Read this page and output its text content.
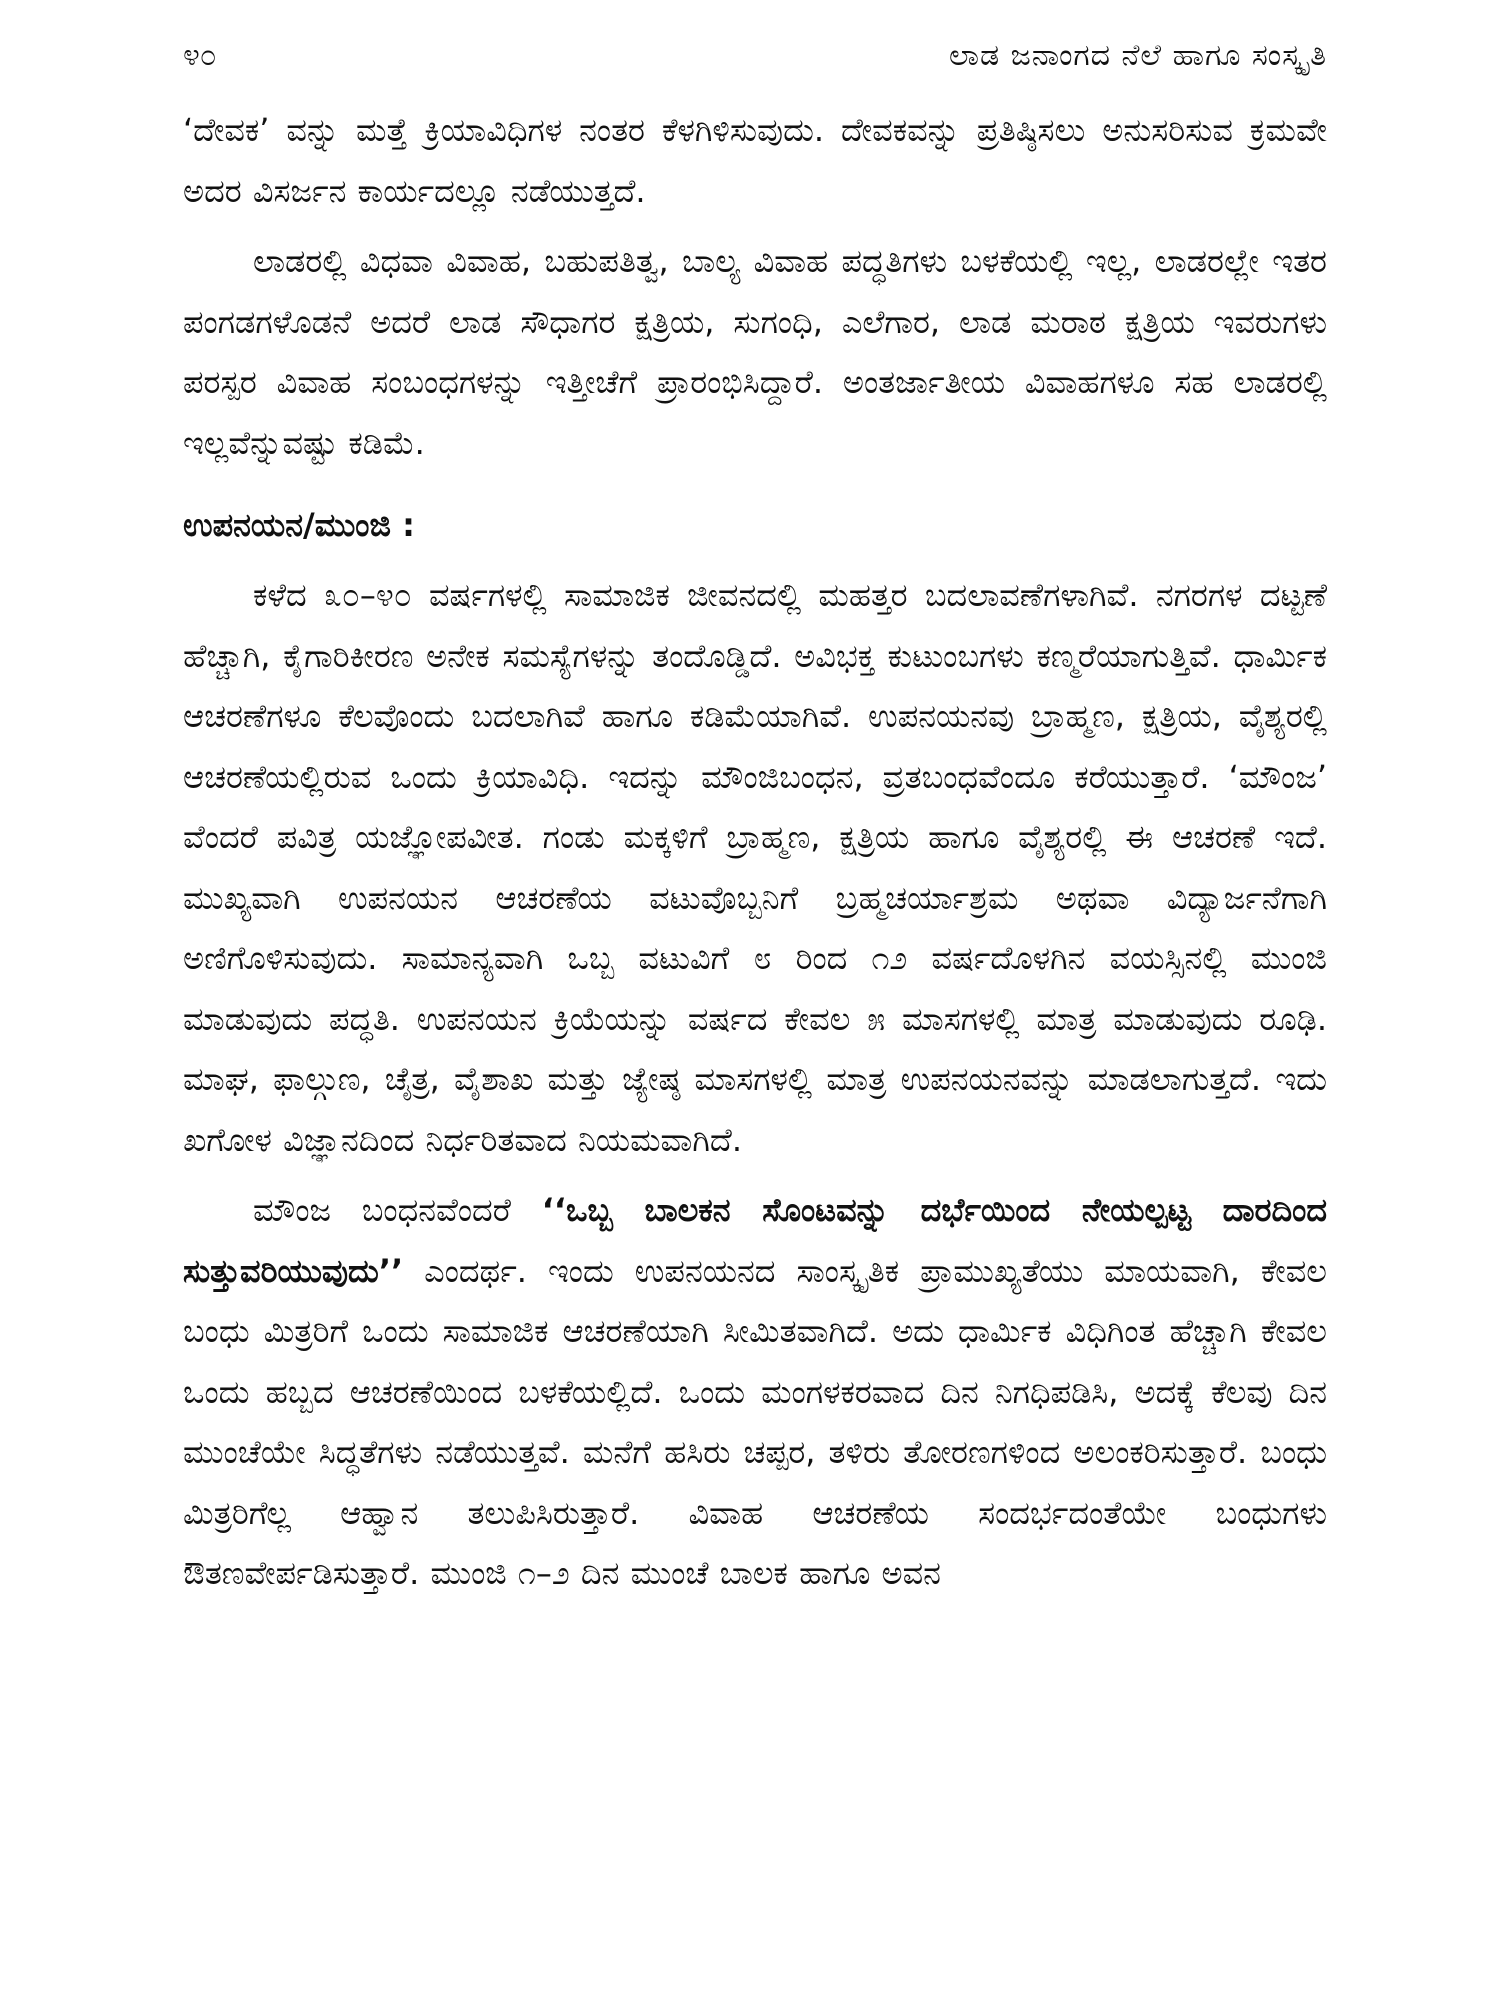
೪೦	ಲಾಡ ಜನಾಂಗದ ನೆಲೆ ಹಾಗೂ ಸಂಸ್ಕೃತಿ

‘ದೇವಕ’ ವನ್ನು ಮತ್ತೆ ಕ್ರಿಯಾವಿಧಿಗಳ ನಂತರ ಕೆಳಗಿಳಿಸುವುದು. ದೇವಕವನ್ನು ಪ್ರತಿಷ್ಠಿಸಲು ಅನುಸರಿಸುವ ಕ್ರಮವೇ ಅದರ ವಿಸರ್ಜನ ಕಾರ್ಯದಲ್ಲೂ ನಡೆಯುತ್ತದೆ.

ಲಾಡರಲ್ಲಿ ವಿಧವಾ ವಿವಾಹ, ಬಹುಪತಿತ್ವ, ಬಾಲ್ಯ ವಿವಾಹ ಪದ್ಧತಿಗಳು ಬಳಕೆಯಲ್ಲಿ ಇಲ್ಲ, ಲಾಡರಲ್ಲೇ ಇತರ ಪಂಗಡಗಳೊಡನೆ ಅದರೆ ಲಾಡ ಸೌಧಾಗರ ಕ್ಷತ್ರಿಯ, ಸುಗಂಧಿ, ಎಲೆಗಾರ, ಲಾಡ ಮರಾಠ ಕ್ಷತ್ರಿಯ ಇವರುಗಳು ಪರಸ್ಪರ ವಿವಾಹ ಸಂಬಂಧಗಳನ್ನು ಇತ್ತೀಚೆಗೆ ಪ್ರಾರಂಭಿಸಿದ್ದಾರೆ. ಅಂತರ್ಜಾತೀಯ ವಿವಾಹಗಳೂ ಸಹ ಲಾಡರಲ್ಲಿ ಇಲ್ಲವೆನ್ನುವಷ್ಟು ಕಡಿಮೆ.

ಉಪನಯನ/ಮುಂಜಿ :

ಕಳೆದ ೩೦–೪೦ ವರ್ಷಗಳಲ್ಲಿ ಸಾಮಾಜಿಕ ಜೀವನದಲ್ಲಿ ಮಹತ್ತರ ಬದಲಾವಣೆಗಳಾಗಿವೆ. ನಗರಗಳ ದಟ್ಟಣೆ ಹೆಚ್ಚಾಗಿ, ಕೈಗಾರಿಕೀರಣ ಅನೇಕ ಸಮಸ್ಯೆಗಳನ್ನು ತಂದೊಡ್ಡಿದೆ. ಅವಿಭಕ್ತ ಕುಟುಂಬಗಳು ಕಣ್ಮರೆಯಾಗುತ್ತಿವೆ. ಧಾರ್ಮಿಕ ಆಚರಣೆಗಳೂ ಕೆಲವೊಂದು ಬದಲಾಗಿವೆ ಹಾಗೂ ಕಡಿಮೆಯಾಗಿವೆ. ಉಪನಯನವು ಬ್ರಾಹ್ಮಣ, ಕ್ಷತ್ರಿಯ, ವೈಶ್ಯರಲ್ಲಿ ಆಚರಣೆಯಲ್ಲಿರುವ ಒಂದು ಕ್ರಿಯಾವಿಧಿ. ಇದನ್ನು ಮೌಂಜಿಬಂಧನ, ವ್ರತಬಂಧವೆಂದೂ ಕರೆಯುತ್ತಾರೆ. ‘ಮೌಂಜ’ ವೆಂದರೆ ಪವಿತ್ರ ಯಜ್ಞೋಪವೀತ. ಗಂಡು ಮಕ್ಕಳಿಗೆ ಬ್ರಾಹ್ಮಣ, ಕ್ಷತ್ರಿಯ ಹಾಗೂ ವೈಶ್ಯರಲ್ಲಿ ಈ ಆಚರಣೆ ಇದೆ. ಮುಖ್ಯವಾಗಿ ಉಪನಯನ ಆಚರಣೆಯ ವಟುವೊಬ್ಬನಿಗೆ ಬ್ರಹ್ಮಚರ್ಯಾಶ್ರಮ ಅಥವಾ ವಿದ್ಯಾರ್ಜನೆಗಾಗಿ ಅಣಿಗೊಳಿಸುವುದು. ಸಾಮಾನ್ಯವಾಗಿ ಒಬ್ಬ ವಟುವಿಗೆ ೮ ರಿಂದ ೧೨ ವರ್ಷದೊಳಗಿನ ವಯಸ್ಸಿನಲ್ಲಿ ಮುಂಜಿ ಮಾಡುವುದು ಪದ್ಧತಿ. ಉಪನಯನ ಕ್ರಿಯೆಯನ್ನು ವರ್ಷದ ಕೇವಲ ೫ ಮಾಸಗಳಲ್ಲಿ ಮಾತ್ರ ಮಾಡುವುದು ರೂಢಿ. ಮಾಘ, ಫಾಲ್ಗುಣ, ಚೈತ್ರ, ವೈಶಾಖ ಮತ್ತು ಜ್ಯೇಷ್ಠ ಮಾಸಗಳಲ್ಲಿ ಮಾತ್ರ ಉಪನಯನವನ್ನು ಮಾಡಲಾಗುತ್ತದೆ. ಇದು ಖಗೋಳ ವಿಜ್ಞಾನದಿಂದ ನಿರ್ಧರಿತವಾದ ನಿಯಮವಾಗಿದೆ.

ಮೌಂಜ ಬಂಧನವೆಂದರೆ ‘‘ಒಬ್ಬ ಬಾಲಕನ ಸೊಂಟವನ್ನು ದರ್ಭೆಯಿಂದ ನೇಯಲ್ಪಟ್ಟ ದಾರದಿಂದ ಸುತ್ತುವರಿಯುವುದು’’ ಎಂದರ್ಥ. ಇಂದು ಉಪನಯನದ ಸಾಂಸ್ಕೃತಿಕ ಪ್ರಾಮುಖ್ಯತೆಯು ಮಾಯವಾಗಿ, ಕೇವಲ ಬಂಧು ಮಿತ್ರರಿಗೆ ಒಂದು ಸಾಮಾಜಿಕ ಆಚರಣೆಯಾಗಿ ಸೀಮಿತವಾಗಿದೆ. ಅದು ಧಾರ್ಮಿಕ ವಿಧಿಗಿಂತ ಹೆಚ್ಚಾಗಿ ಕೇವಲ ಒಂದು ಹಬ್ಬದ ಆಚರಣೆಯಿಂದ ಬಳಕೆಯಲ್ಲಿದೆ. ಒಂದು ಮಂಗಳಕರವಾದ ದಿನ ನಿಗಧಿಪಡಿಸಿ, ಅದಕ್ಕೆ ಕೆಲವು ದಿನ ಮುಂಚೆಯೇ ಸಿದ್ಧತೆಗಳು ನಡೆಯುತ್ತವೆ. ಮನೆಗೆ ಹಸಿರು ಚಪ್ಪರ, ತಳಿರು ತೋರಣಗಳಿಂದ ಅಲಂಕರಿಸುತ್ತಾರೆ. ಬಂಧು ಮಿತ್ರರಿಗೆಲ್ಲ ಆಹ್ವಾನ ತಲುಪಿಸಿರುತ್ತಾರೆ. ವಿವಾಹ ಆಚರಣೆಯ ಸಂದರ್ಭದಂತೆಯೇ ಬಂಧುಗಳು ಔತಣವೇರ್ಪಡಿಸುತ್ತಾರೆ. ಮುಂಜಿ ೧–೨ ದಿನ ಮುಂಚೆ ಬಾಲಕ ಹಾಗೂ ಅವನ
